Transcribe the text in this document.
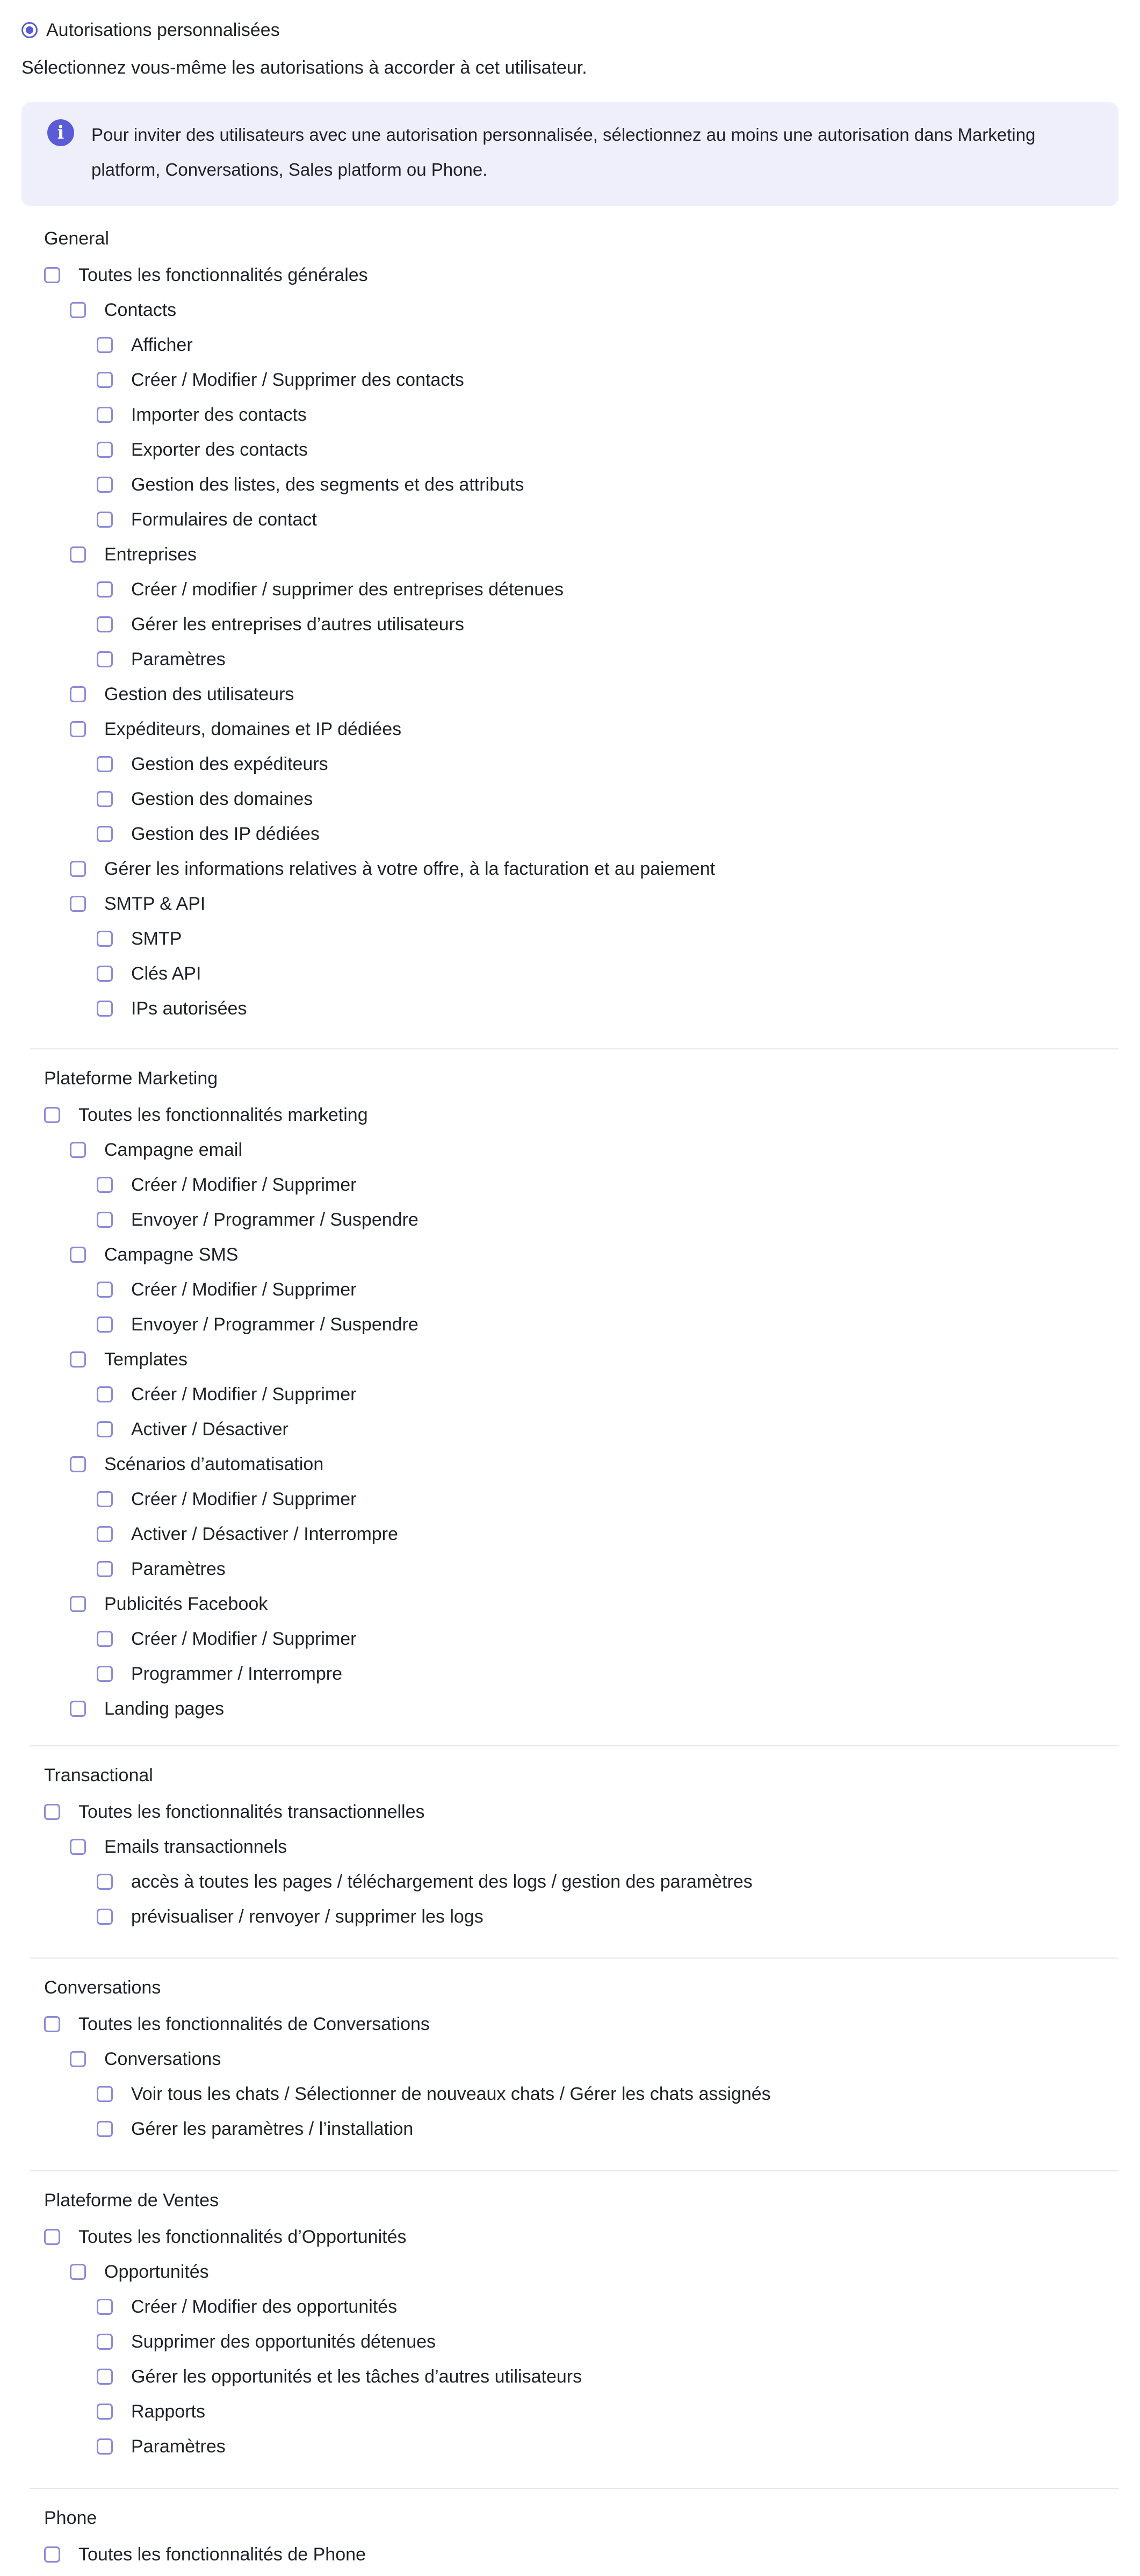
Autorisations personnalisées
Sélectionnez vous-même les autorisations à accorder à cet utilisateur.
Pour inviter des utilisateurs avec une autorisation personnalisée, sélectionnez au moins une autorisation dans Marketing
platform, Conversations, Sales platform ou Phone.
i
General
Toutes les fonctionnalités générales
Contacts
Afficher
Créer / Modifier / Supprimer des contacts
Importer des contacts
Exporter des contacts
Gestion des listes, des segments et des attributs
Formulaires de contact
Entreprises
Créer / modifier / supprimer des entreprises détenues
Gérer les entreprises d’autres utilisateurs
Paramètres
Gestion des utilisateurs
Expéditeurs, domaines et IP dédiées
Gestion des expéditeurs
Gestion des domaines
Gestion des IP dédiées
Gérer les informations relatives à votre offre, à la facturation et au paiement
SMTP & API
SMTP
Clés API
IPs autorisées
Plateforme Marketing
Toutes les fonctionnalités marketing
Campagne email
Créer / Modifier / Supprimer
Envoyer / Programmer / Suspendre
Campagne SMS
Créer / Modifier / Supprimer
Envoyer / Programmer / Suspendre
Templates
Créer / Modifier / Supprimer
Activer / Désactiver
Scénarios d’automatisation
Créer / Modifier / Supprimer
Activer / Désactiver / Interrompre
Paramètres
Publicités Facebook
Créer / Modifier / Supprimer
Programmer / Interrompre
Landing pages
Transactional
Toutes les fonctionnalités transactionnelles
Emails transactionnels
accès à toutes les pages / téléchargement des logs / gestion des paramètres
prévisualiser / renvoyer / supprimer les logs
Conversations
Toutes les fonctionnalités de Conversations
Conversations
Voir tous les chats / Sélectionner de nouveaux chats / Gérer les chats assignés
Gérer les paramètres / l’installation
Plateforme de Ventes
Toutes les fonctionnalités d’Opportunités
Opportunités
Créer / Modifier des opportunités
Supprimer des opportunités détenues
Gérer les opportunités et les tâches d’autres utilisateurs
Rapports
Paramètres
Phone
Toutes les fonctionnalités de Phone
